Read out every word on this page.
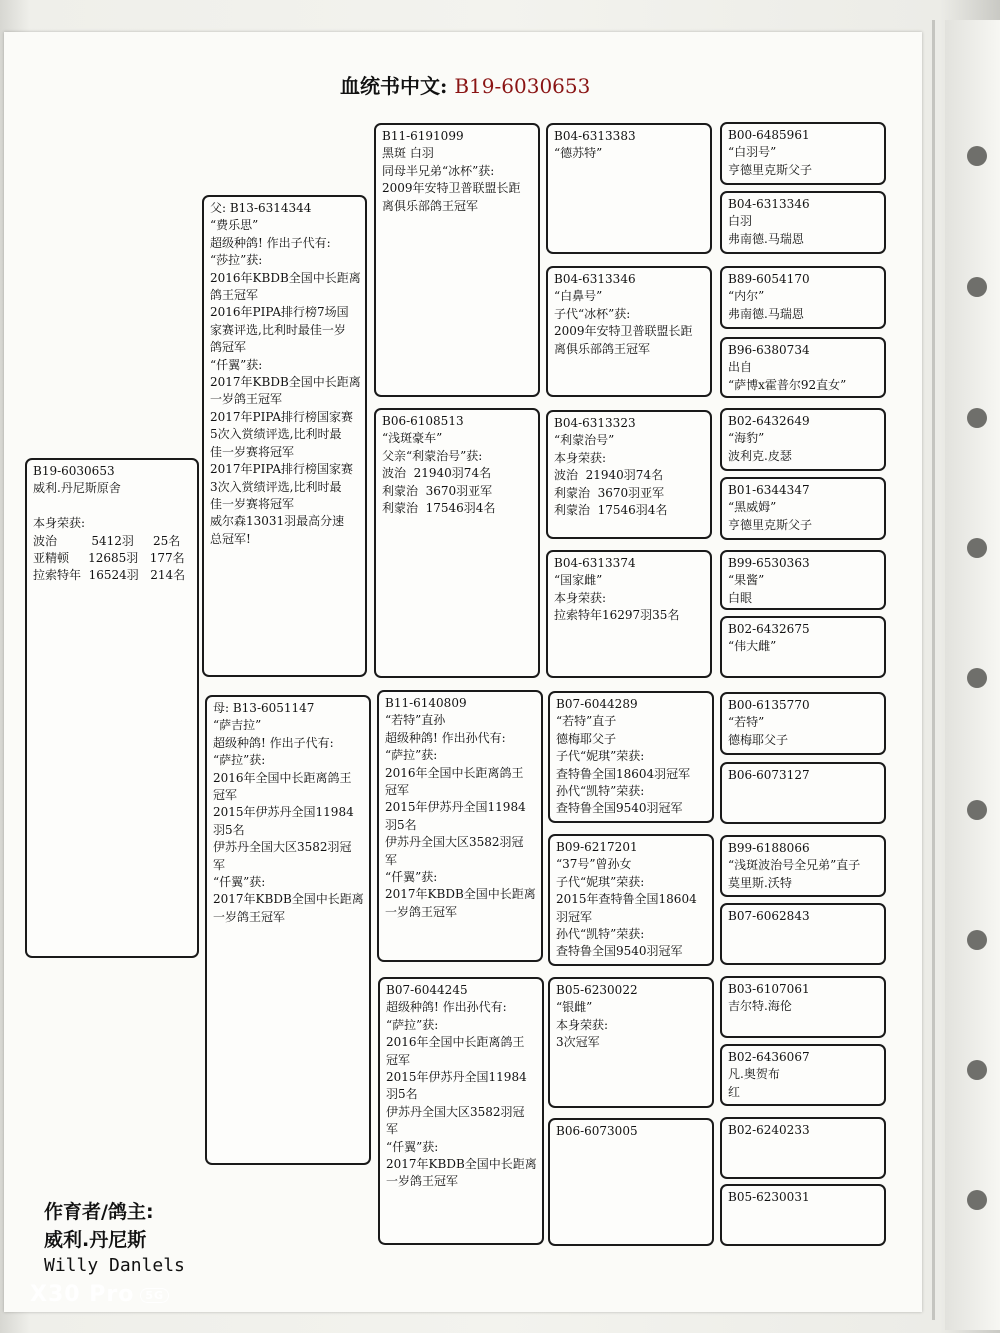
血统书中文: B19-6030653
B19-6030653
威利.丹尼斯原舍

本身荣获:
波治         5412羽     25名
亚精顿     12685羽   177名
拉索特年  16524羽   214名
父: B13-6314344
“费乐思”
超级种鸽! 作出子代有:
“莎拉”获:
2016年KBDB全国中长距离
鸽王冠军
2016年PIPA排行榜7场国
家赛评选,比利时最佳一岁
鸽冠军
“仟翼”获:
2017年KBDB全国中长距离
一岁鸽王冠军
2017年PIPA排行榜国家赛
5次入赏绩评选,比利时最
佳一岁赛将冠军
2017年PIPA排行榜国家赛
3次入赏绩评选,比利时最
佳一岁赛将冠军
威尔森13031羽最高分速
总冠军!
母: B13-6051147
“萨吉拉”
超级种鸽! 作出子代有:
“萨拉”获:
2016年全国中长距离鸽王
冠军
2015年伊苏丹全国11984
羽5名
伊苏丹全国大区3582羽冠
军
“仟翼”获:
2017年KBDB全国中长距离
一岁鸽王冠军
B11-6191099
黑斑 白羽
同母半兄弟“冰杯”获:
2009年安特卫普联盟长距
离俱乐部鸽王冠军
B06-6108513
“浅斑豪车”
父亲“利蒙治号”获:
波治  21940羽74名
利蒙治  3670羽亚军
利蒙治  17546羽4名
B11-6140809
“若特”直孙
超级种鸽! 作出孙代有:
“萨拉”获:
2016年全国中长距离鸽王
冠军
2015年伊苏丹全国11984
羽5名
伊苏丹全国大区3582羽冠
军
“仟翼”获:
2017年KBDB全国中长距离
一岁鸽王冠军
B07-6044245
超级种鸽! 作出孙代有:
“萨拉”获:
2016年全国中长距离鸽王
冠军
2015年伊苏丹全国11984
羽5名
伊苏丹全国大区3582羽冠
军
“仟翼”获:
2017年KBDB全国中长距离
一岁鸽王冠军
B04-6313383
“德苏特”
B04-6313346
“白鼻号”
子代“冰杯”获:
2009年安特卫普联盟长距
离俱乐部鸽王冠军
B04-6313323
“利蒙治号”
本身荣获:
波治  21940羽74名
利蒙治  3670羽亚军
利蒙治  17546羽4名
B04-6313374
“国家雌”
本身荣获:
拉索特年16297羽35名
B07-6044289
“若特”直子
德梅耶父子
子代“妮琪”荣获:
查特鲁全国18604羽冠军
孙代“凯特”荣获:
查特鲁全国9540羽冠军
B09-6217201
“37号”曾孙女
子代“妮琪”荣获:
2015年查特鲁全国18604
羽冠军
孙代“凯特”荣获:
查特鲁全国9540羽冠军
B05-6230022
“银雌”
本身荣获:
3次冠军
B06-6073005
B00-6485961
“白羽号”
亨德里克斯父子
B04-6313346
白羽
弗南德.马瑞恩
B89-6054170
“内尔”
弗南德.马瑞恩
B96-6380734
出自
“萨博x霍普尔92直女”
B02-6432649
“海豹”
波利克.皮瑟
B01-6344347
“黑威姆”
亨德里克斯父子
B99-6530363
“果酱”
白眼
B02-6432675
“伟大雌”
B00-6135770
“若特”
德梅耶父子
B06-6073127
B99-6188066
“浅斑波治号全兄弟”直子
莫里斯.沃特
B07-6062843
B03-6107061
吉尔特.海伦
B02-6436067
凡.奥贺布
红
B02-6240233
B05-6230031
作育者/鸽主:
威利.丹尼斯
Willy Danlels
X30 Pro 5G
